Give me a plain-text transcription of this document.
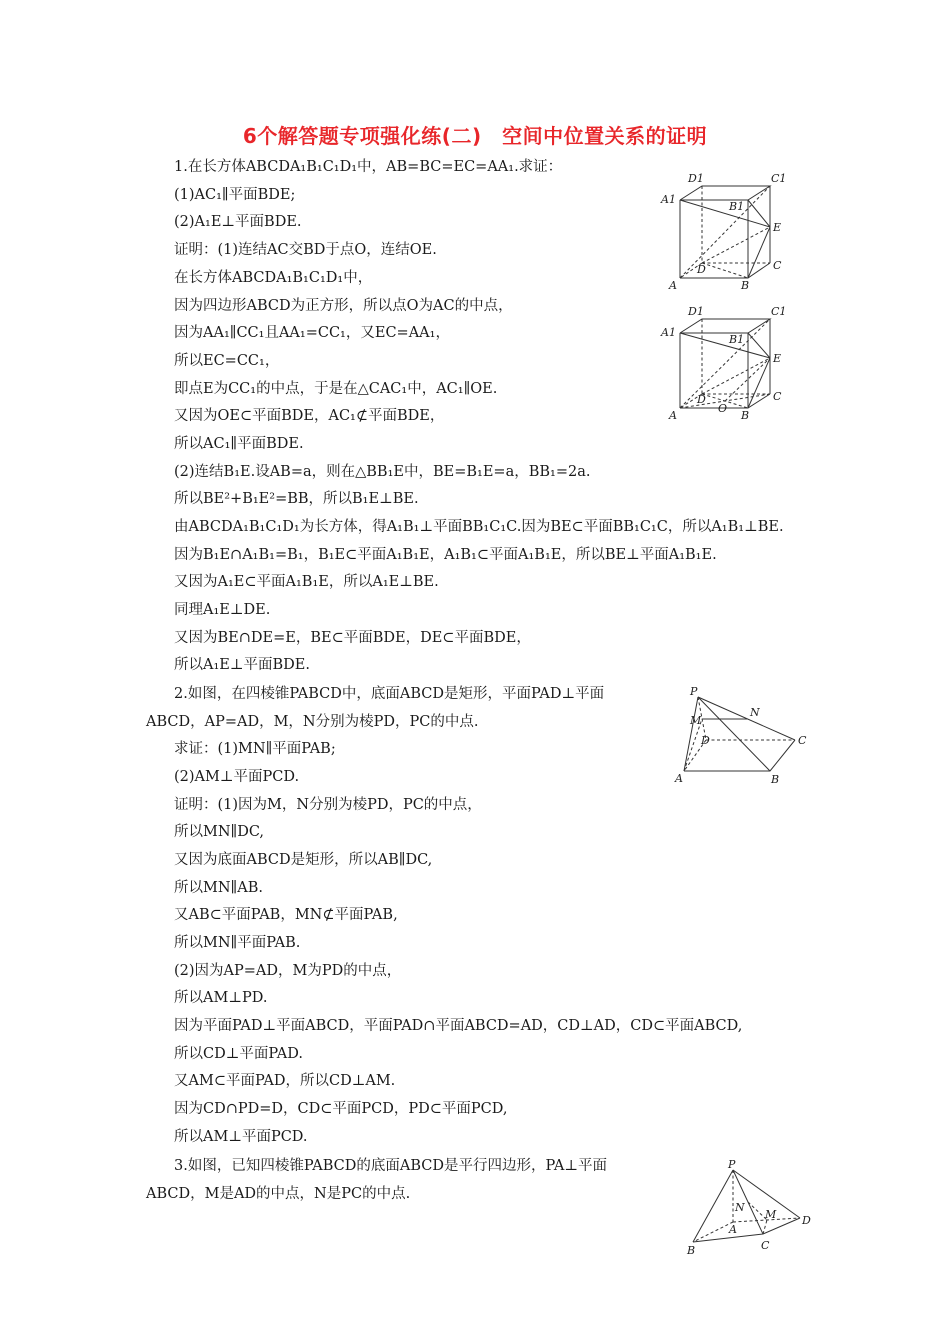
6个解答题专项强化练(二)　空间中位置关系的证明
1.在长方体ABCDA₁B₁C₁D₁中，AB=BC=EC=AA₁.求证：
(1)AC₁∥平面BDE;
(2)A₁E⊥平面BDE.
证明：(1)连结AC交BD于点O，连结OE.
在长方体ABCDA₁B₁C₁D₁中，
因为四边形ABCD为正方形，所以点O为AC的中点，
因为AA₁∥CC₁且AA₁=CC₁，又EC=AA₁，
所以EC=CC₁，
即点E为CC₁的中点，于是在△CAC₁中，AC₁∥OE.
又因为OE⊂平面BDE，AC₁⊄平面BDE，
所以AC₁∥平面BDE.
(2)连结B₁E.设AB=a，则在△BB₁E中，BE=B₁E=a，BB₁=2a.
所以BE²+B₁E²=BB，所以B₁E⊥BE.
由ABCDA₁B₁C₁D₁为长方体，得A₁B₁⊥平面BB₁C₁C.因为BE⊂平面BB₁C₁C，所以A₁B₁⊥BE.
因为B₁E∩A₁B₁=B₁，B₁E⊂平面A₁B₁E，A₁B₁⊂平面A₁B₁E，所以BE⊥平面A₁B₁E.
又因为A₁E⊂平面A₁B₁E，所以A₁E⊥BE.
同理A₁E⊥DE.
又因为BE∩DE=E，BE⊂平面BDE，DE⊂平面BDE，
所以A₁E⊥平面BDE.
2.如图，在四棱锥PABCD中，底面ABCD是矩形，平面PAD⊥平面
ABCD，AP=AD，M，N分别为棱PD，PC的中点.
求证：(1)MN∥平面PAB;
(2)AM⊥平面PCD.
证明：(1)因为M，N分别为棱PD，PC的中点，
所以MN∥DC,
又因为底面ABCD是矩形，所以AB∥DC,
所以MN∥AB.
又AB⊂平面PAB，MN⊄平面PAB,
所以MN∥平面PAB.
(2)因为AP=AD，M为PD的中点，
所以AM⊥PD.
因为平面PAD⊥平面ABCD，平面PAD∩平面ABCD=AD，CD⊥AD，CD⊂平面ABCD,
所以CD⊥平面PAD.
又AM⊂平面PAD，所以CD⊥AM.
因为CD∩PD=D，CD⊂平面PCD，PD⊂平面PCD,
所以AM⊥平面PCD.
3.如图，已知四棱锥PABCD的底面ABCD是平行四边形，PA⊥平面
ABCD，M是AD的中点，N是PC的中点.
D1	C1
A1
B1
E
D	C
A	B
D1	C1
A1
B1
E
D	C
O
A	B
P
M
N
D	C
A	B
P
N
M
A
D
B	C
